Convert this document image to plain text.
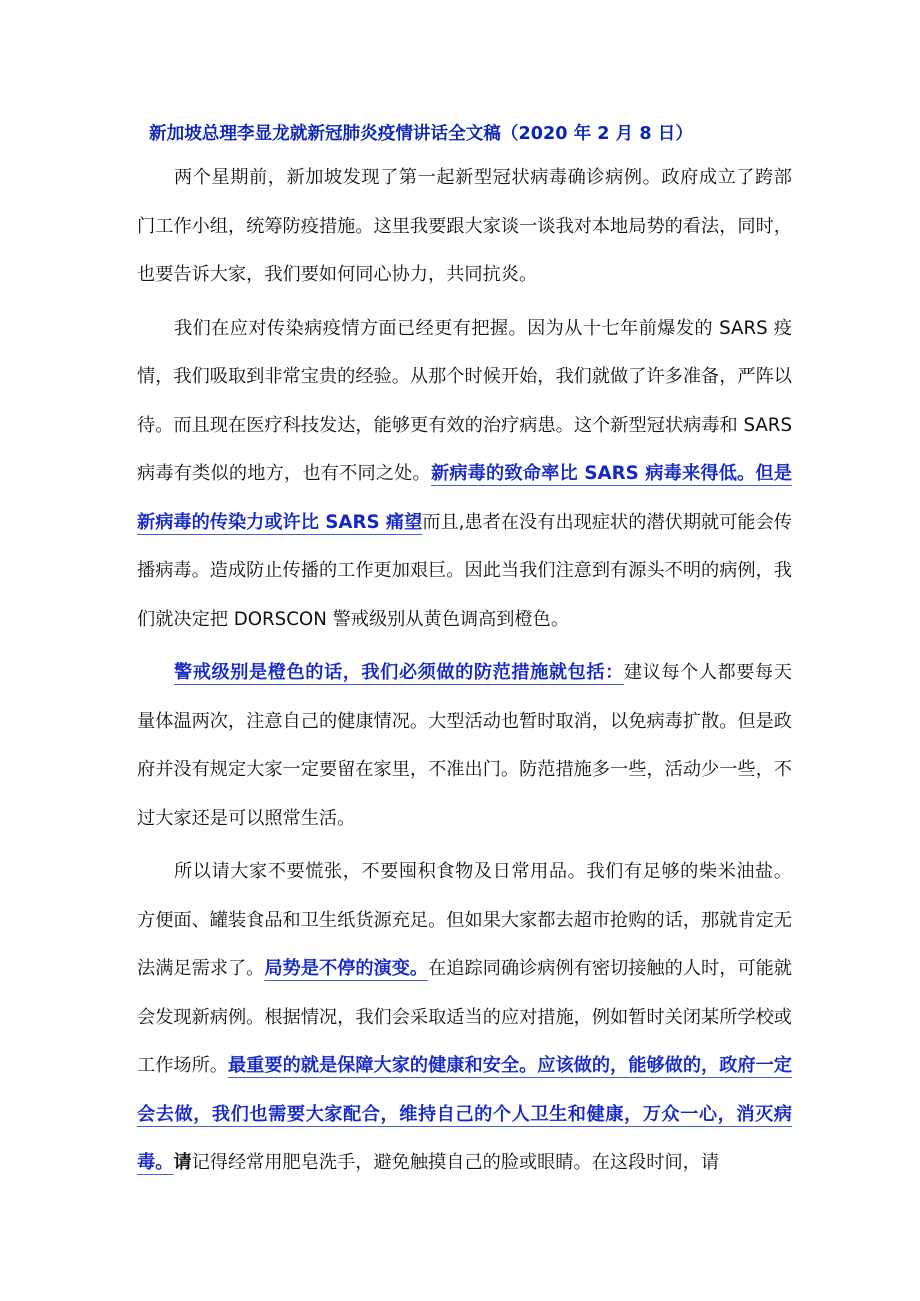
新加坡总理李显龙就新冠肺炎疫情讲话全文稿（2020 年 2 月 8 日）

两个星期前，新加坡发现了第一起新型冠状病毒确诊病例。政府成立了跨部门工作小组，统筹防疫措施。这里我要跟大家谈一谈我对本地局势的看法，同时，也要告诉大家，我们要如何同心协力，共同抗炎。

我们在应对传染病疫情方面已经更有把握。因为从十七年前爆发的 SARS 疫情，我们吸取到非常宝贵的经验。从那个时候开始，我们就做了许多准备，严阵以待。而且现在医疗科技发达，能够更有效的治疗病患。这个新型冠状病毒和 SARS 病毒有类似的地方，也有不同之处。新病毒的致命率比 SARS 病毒来得低。但是新病毒的传染力或许比 SARS 痛望而且,患者在没有出现症状的潜伏期就可能会传播病毒。造成防止传播的工作更加艰巨。因此当我们注意到有源头不明的病例，我们就决定把 DORSCON 警戒级别从黄色调高到橙色。

警戒级别是橙色的话，我们必须做的防范措施就包括：建议每个人都要每天量体温两次，注意自己的健康情况。大型活动也暂时取消，以免病毒扩散。但是政府并没有规定大家一定要留在家里，不准出门。防范措施多一些，活动少一些，不过大家还是可以照常生活。

所以请大家不要慌张，不要囤积食物及日常用品。我们有足够的柴米油盐。方便面、罐装食品和卫生纸货源充足。但如果大家都去超市抢购的话，那就肯定无法满足需求了。局势是不停的演变。在追踪同确诊病例有密切接触的人时，可能就会发现新病例。根据情况，我们会采取适当的应对措施，例如暂时关闭某所学校或工作场所。最重要的就是保障大家的健康和安全。应该做的，能够做的，政府一定会去做，我们也需要大家配合，维持自己的个人卫生和健康，万众一心，消灭病毒。请记得经常用肥皂洗手，避免触摸自己的脸或眼睛。在这段时间，请
